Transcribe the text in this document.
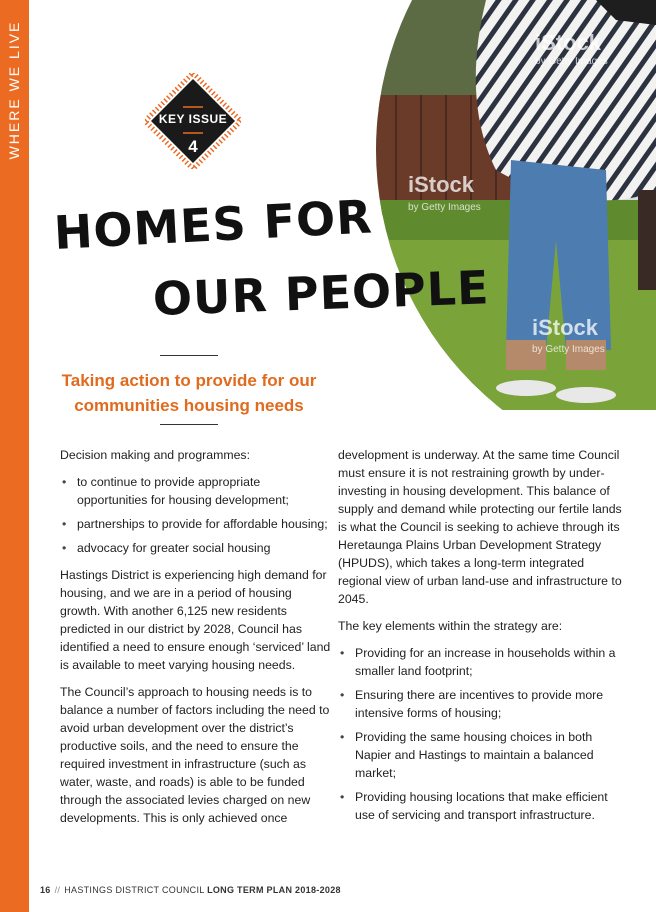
WHERE WE LIVE	KEY ISSUE
4
HOMES FOR
OUR PEOPLE
Taking action to provide for our
communities housing needs

Decision making and programmes:

• to continue to provide appropriate opportunities for housing development;
• partnerships to provide for affordable housing;
• advocacy for greater social housing

Hastings District is experiencing high demand for housing, and we are in a period of housing growth. With another 6,125 new residents predicted in our district by 2028, Council has identified a need to ensure enough ‘serviced’ land is available to meet varying housing needs.

The Council’s approach to housing needs is to balance a number of factors including the need to avoid urban development over the district’s productive soils, and the need to ensure the required investment in infrastructure (such as water, waste, and roads) is able to be funded through the associated levies charged on new developments. This is only achieved once

development is underway. At the same time Council must ensure it is not restraining growth by under-investing in housing development. This balance of supply and demand while protecting our fertile lands is what the Council is seeking to achieve through its Heretaunga Plains Urban Development Strategy (HPUDS), which takes a long-term integrated regional view of urban land-use and infrastructure to 2045.

The key elements within the strategy are:

• Providing for an increase in households within a smaller land footprint;
• Ensuring there are incentives to provide more intensive forms of housing;
• Providing the same housing choices in both Napier and Hastings to maintain a balanced market;
• Providing housing locations that make efficient use of servicing and transport infrastructure.
16 // HASTINGS DISTRICT COUNCIL LONG TERM PLAN 2018-2028
iStock
by Getty Images
iStock
by Getty Images
iStock
by Getty Images
